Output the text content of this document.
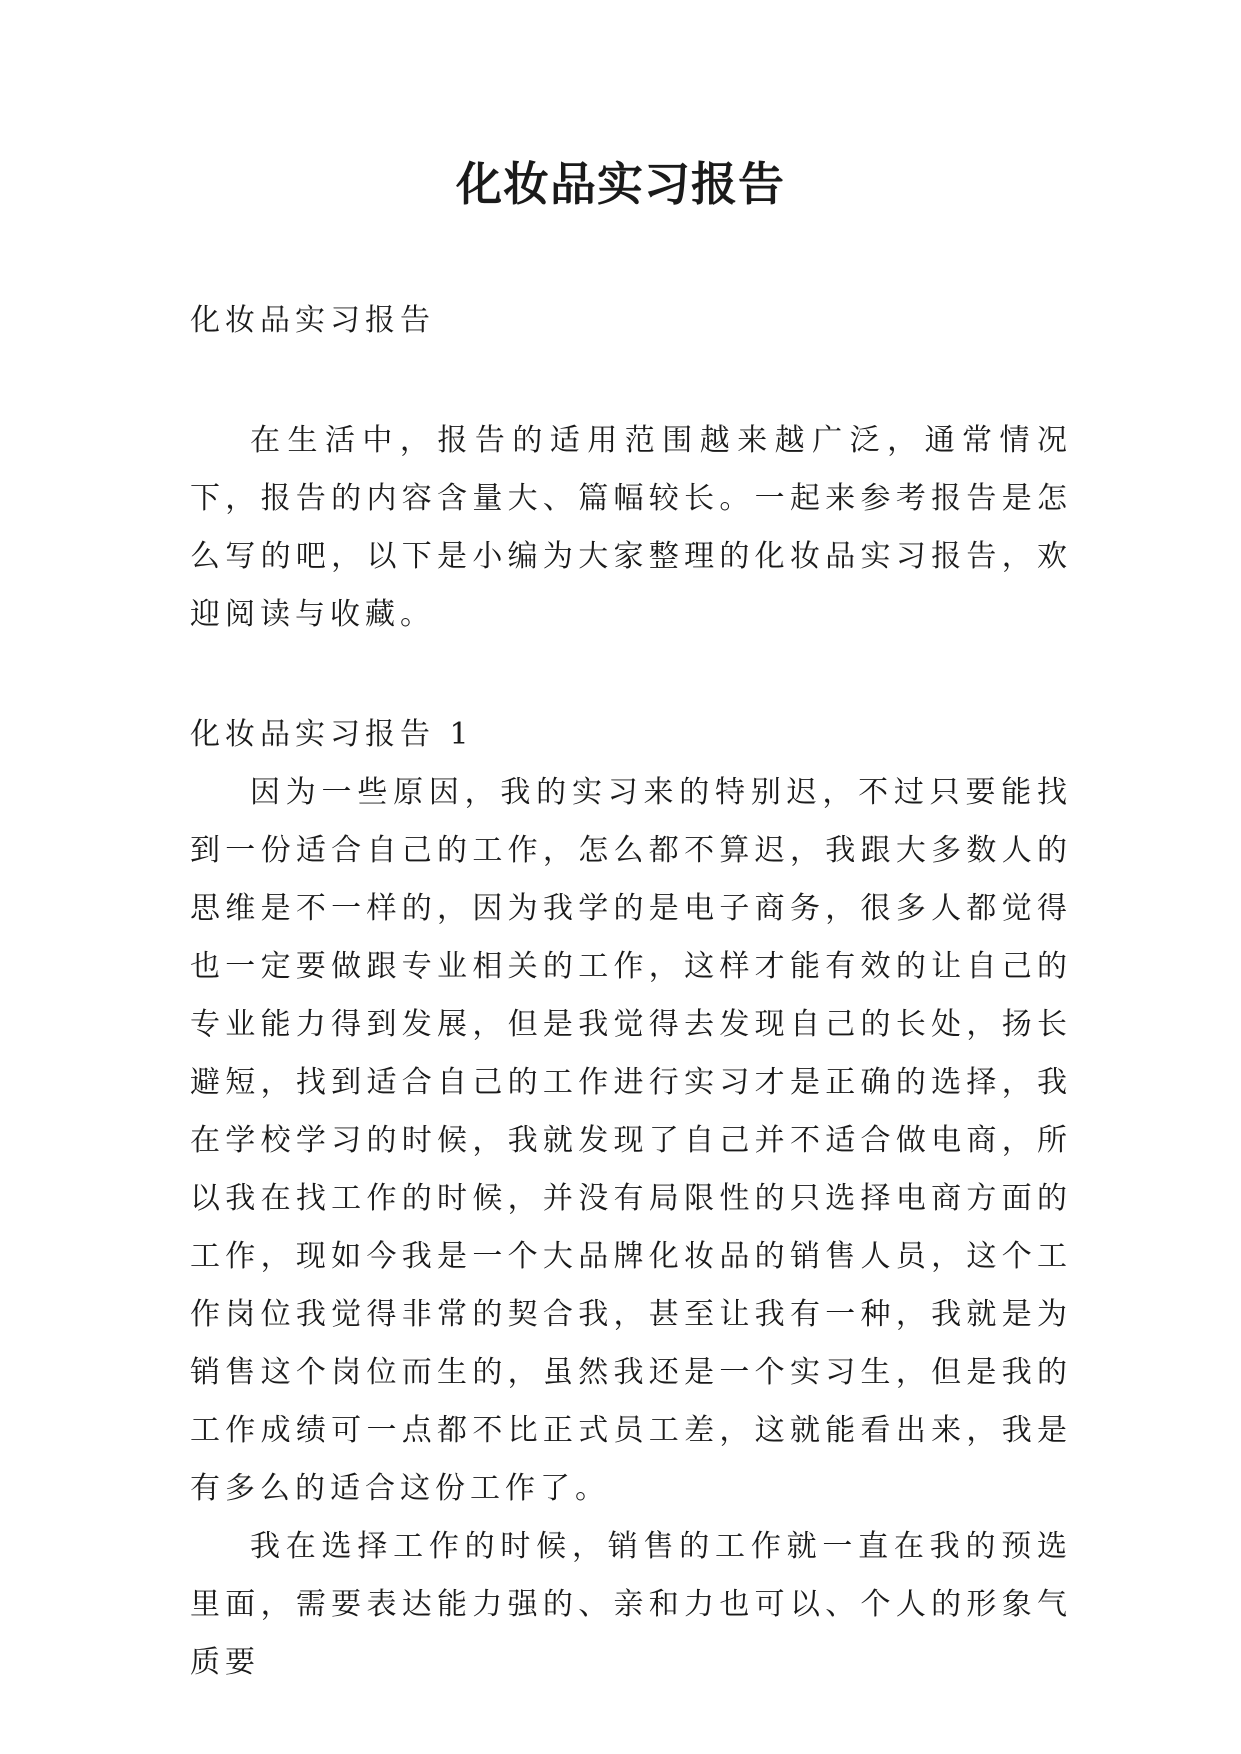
化妆品实习报告
化妆品实习报告

在生活中，报告的适用范围越来越广泛，通常情况下，报告的内容含量大、篇幅较长。一起来参考报告是怎么写的吧，以下是小编为大家整理的化妆品实习报告，欢迎阅读与收藏。

化妆品实习报告 1

因为一些原因，我的实习来的特别迟，不过只要能找到一份适合自己的工作，怎么都不算迟，我跟大多数人的思维是不一样的，因为我学的是电子商务，很多人都觉得也一定要做跟专业相关的工作，这样才能有效的让自己的专业能力得到发展，但是我觉得去发现自己的长处，扬长避短，找到适合自己的工作进行实习才是正确的选择，我在学校学习的时候，我就发现了自己并不适合做电商，所以我在找工作的时候，并没有局限性的只选择电商方面的工作，现如今我是一个大品牌化妆品的销售人员，这个工作岗位我觉得非常的契合我，甚至让我有一种，我就是为销售这个岗位而生的，虽然我还是一个实习生，但是我的工作成绩可一点都不比正式员工差，这就能看出来，我是有多么的适合这份工作了。

我在选择工作的时候，销售的工作就一直在我的预选里面，需要表达能力强的、亲和力也可以、个人的形象气质要
